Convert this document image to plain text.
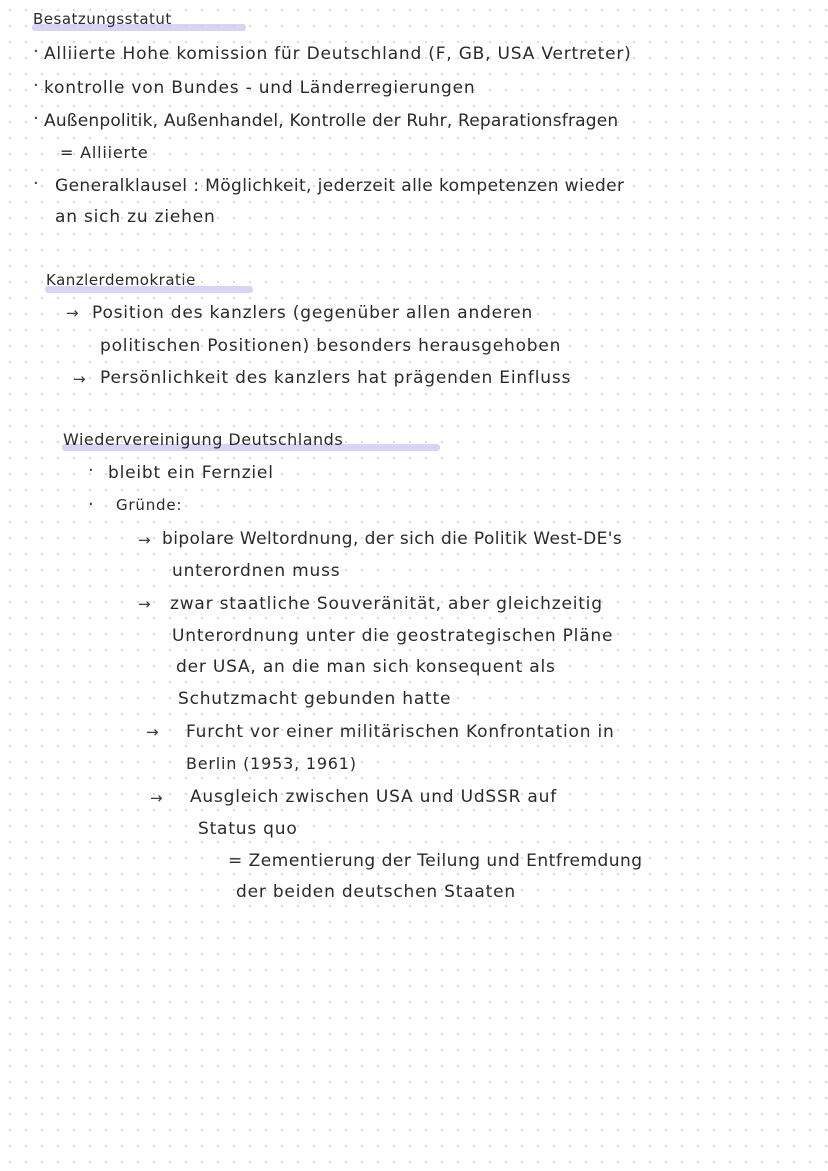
Besatzungsstatut
· Alliierte Hohe komission für Deutschland (F, GB, USA Vertreter)
· kontrolle von Bundes - und Länderregierungen
· Außenpolitik, Außenhandel, Kontrolle der Ruhr, Reparationsfragen
= Alliierte
· Generalklausel : Möglichkeit, jederzeit alle kompetenzen wieder
an sich zu ziehen
Kanzlerdemokratie
→ Position des kanzlers (gegenüber allen anderen
politischen Positionen) besonders herausgehoben
→ Persönlichkeit des kanzlers hat prägenden Einfluss
Wiedervereinigung Deutschlands
· bleibt ein Fernziel
· Gründe:
→ bipolare Weltordnung, der sich die Politik West-DE's
unterordnen muss
→ zwar staatliche Souveränität, aber gleichzeitig
Unterordnung unter die geostrategischen Pläne
der USA, an die man sich konsequent als
Schutzmacht gebunden hatte
→ Furcht vor einer militärischen Konfrontation in
Berlin (1953, 1961)
→ Ausgleich zwischen USA und UdSSR auf
Status quo
= Zementierung der Teilung und Entfremdung
der beiden deutschen Staaten
